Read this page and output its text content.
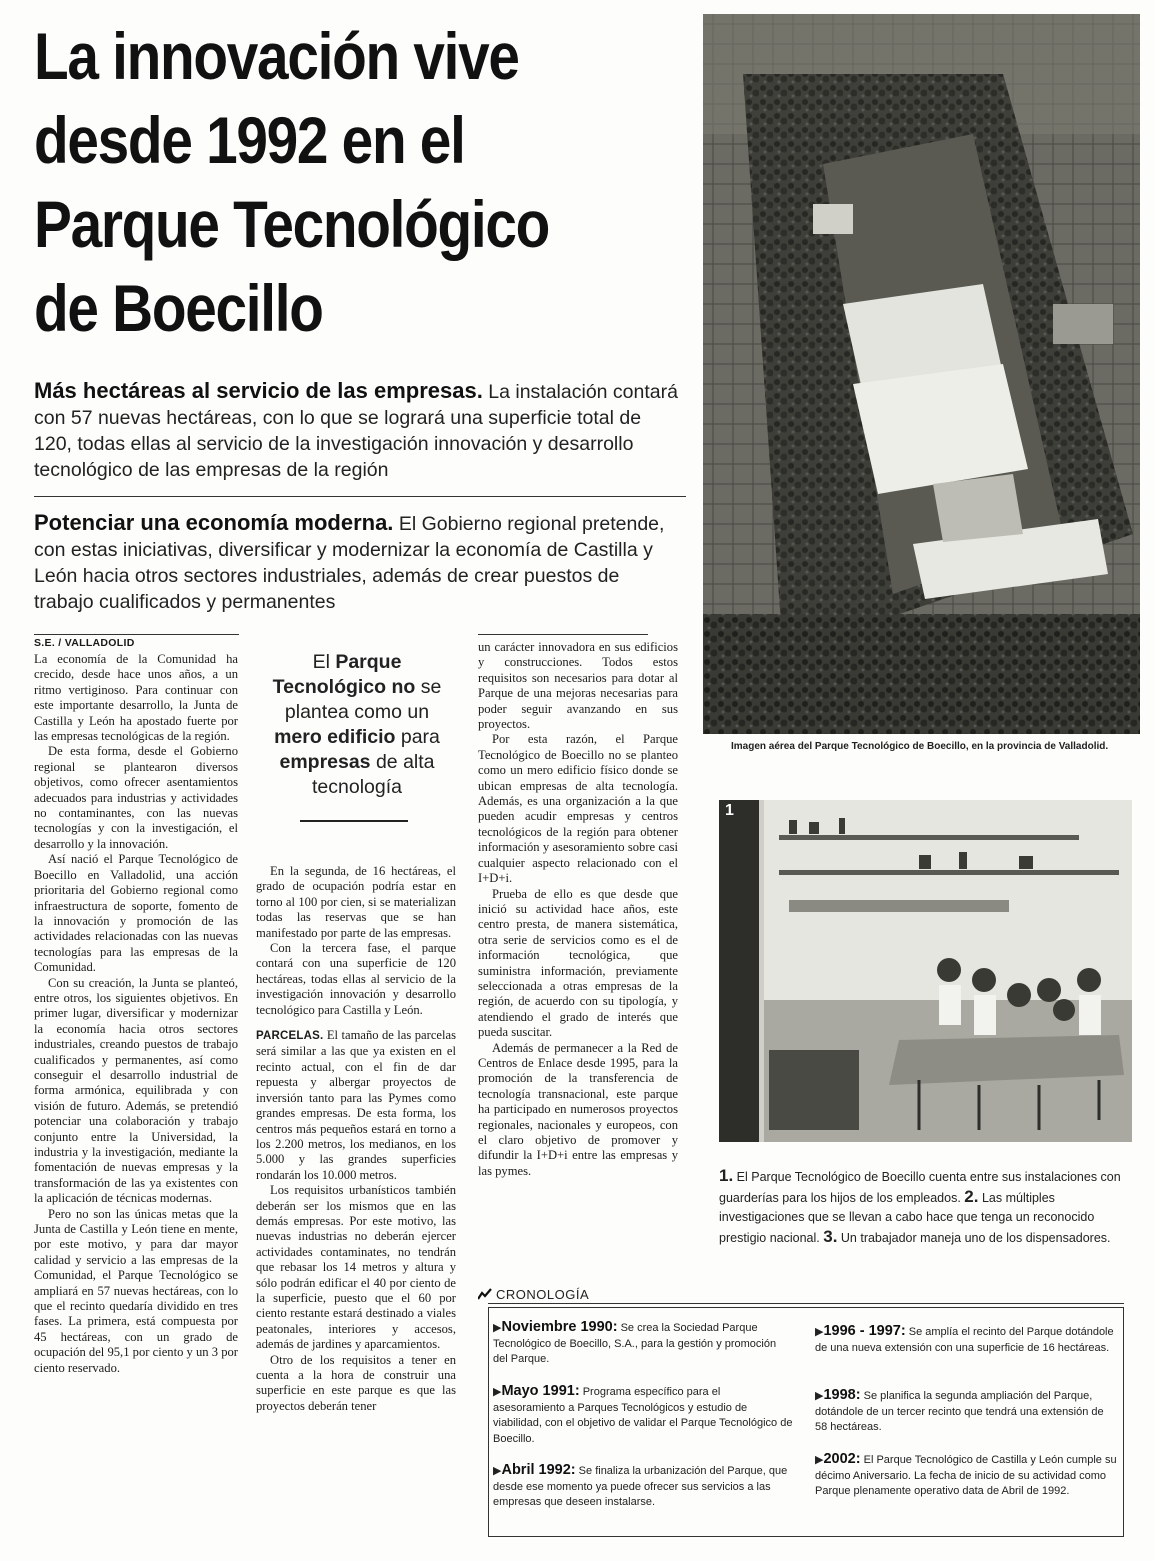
La innovación vive
desde 1992 en el
Parque Tecnológico
de Boecillo
Más hectáreas al servicio de las empresas. La instalación contará con 57 nuevas hectáreas, con lo que se logrará una superficie total de 120, todas ellas al servicio de la investigación innovación y desarrollo tecnológico de las empresas de la región
Potenciar una economía moderna. El Gobierno regional pretende, con estas iniciativas, diversificar y modernizar la economía de Castilla y León hacia otros sectores industriales, además de crear puestos de trabajo cualificados y permanentes
S.E. / VALLADOLID

La economía de la Comunidad ha crecido, desde hace unos años, a un ritmo vertiginoso. Para continuar con este importante desarrollo, la Junta de Castilla y León ha apostado fuerte por las empresas tecnológicas de la región.

De esta forma, desde el Gobierno regional se plantearon diversos objetivos, como ofrecer asentamientos adecuados para industrias y actividades no contaminantes, con las nuevas tecnologías y con la investigación, el desarrollo y la innovación.

Así nació el Parque Tecnológico de Boecillo en Valladolid, una acción prioritaria del Gobierno regional como infraestructura de soporte, fomento de la innovación y promoción de las actividades relacionadas con las nuevas tecnologías para las empresas de la Comunidad.

Con su creación, la Junta se planteó, entre otros, los siguientes objetivos. En primer lugar, diversificar y modernizar la economía hacia otros sectores industriales, creando puestos de trabajo cualificados y permanentes, así como conseguir el desarrollo industrial de forma armónica, equilibrada y con visión de futuro. Además, se pretendió potenciar una colaboración y trabajo conjunto entre la Universidad, la industria y la investigación, mediante la fomentación de nuevas empresas y la transformación de las ya existentes con la aplicación de técnicas modernas.

Pero no son las únicas metas que la Junta de Castilla y León tiene en mente, por este motivo, y para dar mayor calidad y servicio a las empresas de la Comunidad, el Parque Tecnológico se ampliará en 57 nuevas hectáreas, con lo que el recinto quedaría dividido en tres fases. La primera, está compuesta por 45 hectáreas, con un grado de ocupación del 95,1 por ciento y un 3 por ciento reservado.

El Parque Tecnológico no se plantea como un mero edificio para empresas de alta tecnología

En la segunda, de 16 hectáreas, el grado de ocupación podría estar en torno al 100 por cien, si se materializan todas las reservas que se han manifestado por parte de las empresas.

Con la tercera fase, el parque contará con una superficie de 120 hectáreas, todas ellas al servicio de la investigación innovación y desarrollo tecnológico para Castilla y León.

PARCELAS. El tamaño de las parcelas será similar a las que ya existen en el recinto actual, con el fin de dar repuesta y albergar proyectos de inversión tanto para las Pymes como grandes empresas. De esta forma, los centros más pequeños estará en torno a los 2.200 metros, los medianos, en los 5.000 y las grandes superficies rondarán los 10.000 metros.

Los requisitos urbanísticos también deberán ser los mismos que en las demás empresas. Por este motivo, las nuevas industrias no deberán ejercer actividades contaminates, no tendrán que rebasar los 14 metros y altura y sólo podrán edificar el 40 por ciento de la superficie, puesto que el 60 por ciento restante estará destinado a viales peatonales, interiores y accesos, además de jardines y aparcamientos.

Otro de los requisitos a tener en cuenta a la hora de construir una superficie en este parque es que las proyectos deberán tener

un carácter innovadora en sus edificios y construcciones. Todos estos requisitos son necesarios para dotar al Parque de una mejoras necesarias para poder seguir avanzando en sus proyectos.

Por esta razón, el Parque Tecnológico de Boecillo no se planteo como un mero edificio físico donde se ubican empresas de alta tecnología. Además, es una organización a la que pueden acudir empresas y centros tecnológicos de la región para obtener información y asesoramiento sobre casi cualquier aspecto relacionado con el I+D+i.

Prueba de ello es que desde que inició su actividad hace años, este centro presta, de manera sistemática, otra serie de servicios como es el de información tecnológica, que suministra información, previamente seleccionada a otras empresas de la región, de acuerdo con su tipología, y atendiendo el grado de interés que pueda suscitar.

Además de permanecer a la Red de Centros de Enlace desde 1995, para la promoción de la transferencia de tecnología transnacional, este parque ha participado en numerosos proyectos regionales, nacionales y europeos, con el claro objetivo de promover y difundir la I+D+i entre las empresas y las pymes.

Imagen aérea del Parque Tecnológico de Boecillo, en la provincia de Valladolid.
1
1. El Parque Tecnológico de Boecillo cuenta entre sus instalaciones con guarderías para los hijos de los empleados. 2. Las múltiples investigaciones que se llevan a cabo hace que tenga un reconocido prestigio nacional. 3. Un trabajador maneja uno de los dispensadores.
CRONOLOGÍA
▶Noviembre 1990: Se crea la Sociedad Parque Tecnológico de Boecillo, S.A., para la gestión y promoción del Parque.
▶Mayo 1991: Programa específico para el asesoramiento a Parques Tecnológicos y estudio de viabilidad, con el objetivo de validar el Parque Tecnológico de Boecillo.
▶Abril 1992: Se finaliza la urbanización del Parque, que desde ese momento ya puede ofrecer sus servicios a las empresas que deseen instalarse.
▶1996 - 1997: Se amplía el recinto del Parque dotándole de una nueva extensión con una superficie de 16 hectáreas.
▶1998: Se planifica la segunda ampliación del Parque, dotándole de un tercer recinto que tendrá una extensión de 58 hectáreas.
▶2002: El Parque Tecnológico de Castilla y León cumple su décimo Aniversario. La fecha de inicio de su actividad como Parque plenamente operativo data de Abril de 1992.
